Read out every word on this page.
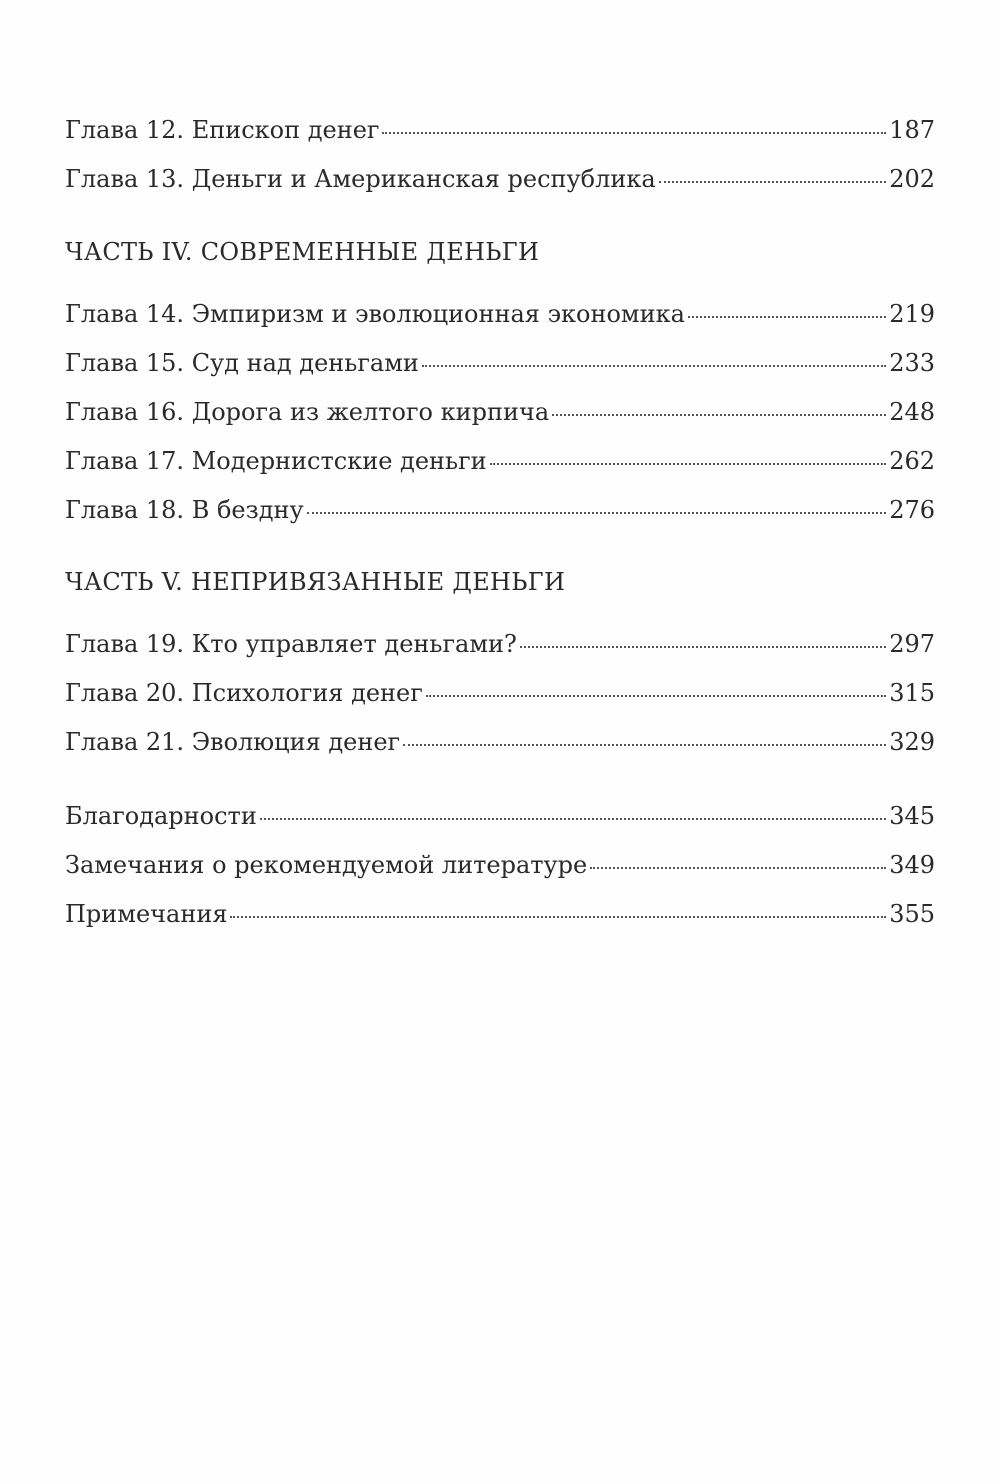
Глава 12. Епископ денег	187
Глава 13. Деньги и Американская республика	202
ЧАСТЬ IV. СОВРЕМЕННЫЕ ДЕНЬГИ
Глава 14. Эмпиризм и эволюционная экономика	219
Глава 15. Суд над деньгами	233
Глава 16. Дорога из желтого кирпича	248
Глава 17. Модернистские деньги	262
Глава 18. В бездну	276
ЧАСТЬ V. НЕПРИВЯЗАННЫЕ ДЕНЬГИ
Глава 19. Кто управляет деньгами?	297
Глава 20. Психология денег	315
Глава 21. Эволюция денег	329
Благодарности	345
Замечания о рекомендуемой литературе	349
Примечания	355
